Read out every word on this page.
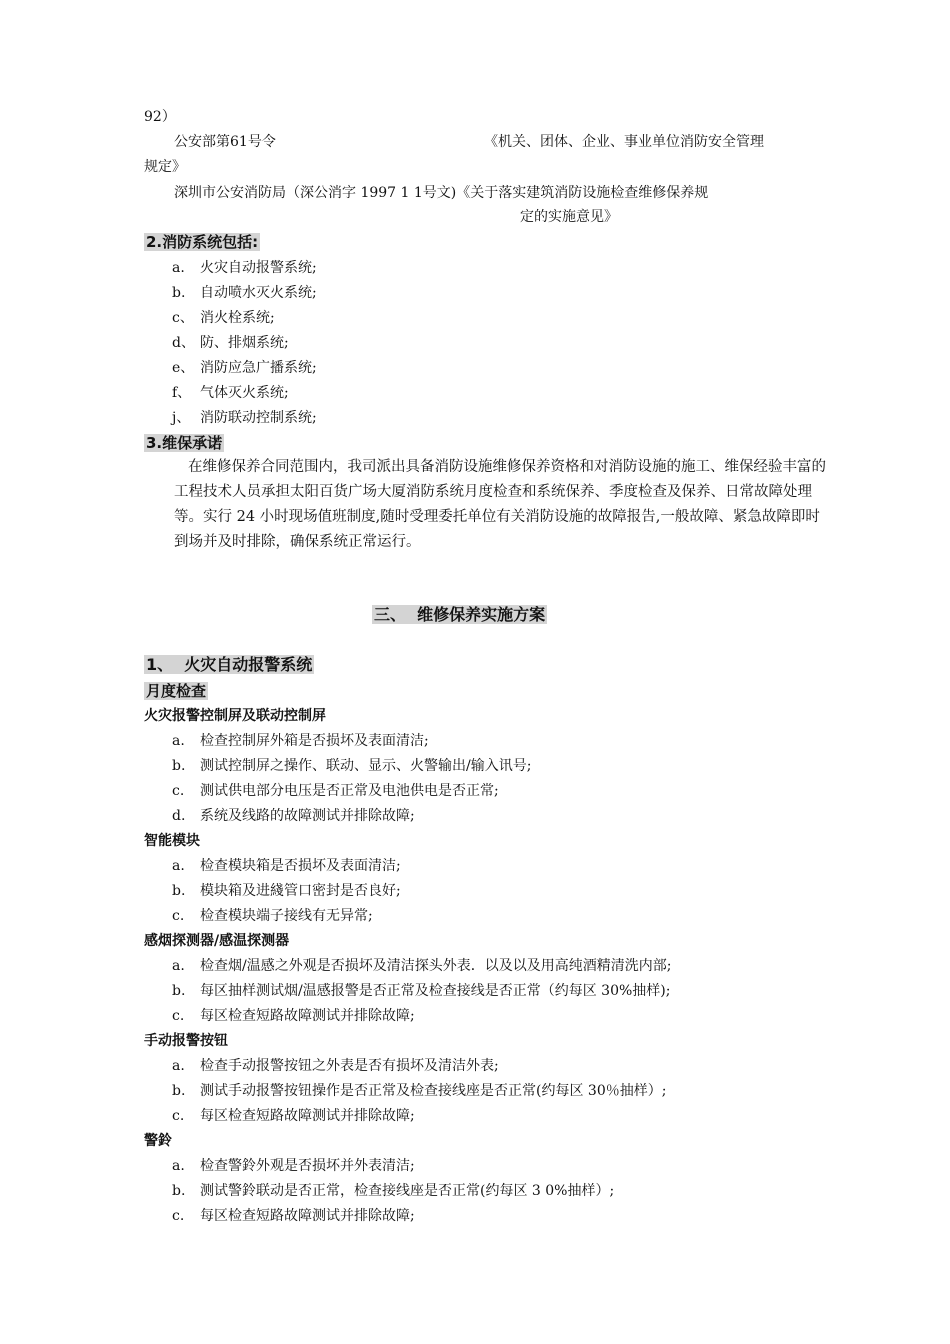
92）
公安部第61号令	《机关、团体、企业、事业单位消防安全管理
规定》
深圳市公安消防局（深公消字 1997 1 1号文)《关于落实建筑消防设施检查维修保养规
定的实施意见》
2.消防系统包括:
a. 火灾自动报警系统;
b. 自动喷水灭火系统;
c、 消火栓系统;
d、 防、排烟系统;
e、 消防应急广播系统;
f、 气体灭火系统;
j、 消防联动控制系统;
3.维保承诺
在维修保养合同范围内，我司派出具备消防设施维修保养资格和对消防设施的施工、维保经验丰富的工程技术人员承担太阳百货广场大厦消防系统月度检查和系统保养、季度检查及保养、日常故障处理等。实行 24 小时现场值班制度,随时受理委托单位有关消防设施的故障报告,一般故障、紧急故障即时到场并及时排除，确保系统正常运行。
三、  维修保养实施方案
1、  火灾自动报警系统
月度检查
火灾报警控制屏及联动控制屏
a. 检查控制屏外箱是否损坏及表面清洁;
b. 测试控制屏之操作、联动、显示、火警输出/输入讯号;
c. 测试供电部分电压是否正常及电池供电是否正常;
d. 系统及线路的故障测试并排除故障;
智能模块
a. 检查模块箱是否损坏及表面清洁;
b. 模块箱及进綫管口密封是否良好;
c. 检查模块端子接线有无异常;
感烟探测器/感温探测器
a. 检查烟/温感之外观是否损坏及清洁探头外表．以及以及用高纯酒精清洗内部;
b. 每区抽样测试烟/温感报警是否正常及检查接线是否正常（约每区 30%抽样);
c. 每区检查短路故障测试并排除故障;
手动报警按钮
a. 检查手动报警按钮之外表是否有损坏及清洁外表;
b. 测试手动报警按钮操作是否正常及检查接线座是否正常(约每区 30％抽样）;
c. 每区检查短路故障测试并排除故障;
警鈴
a. 检查警鈴外观是否损坏并外表清洁;
b. 测试警鈴联动是否正常，检查接线座是否正常(约每区 3 0%抽样）;
c. 每区检查短路故障测试并排除故障;
